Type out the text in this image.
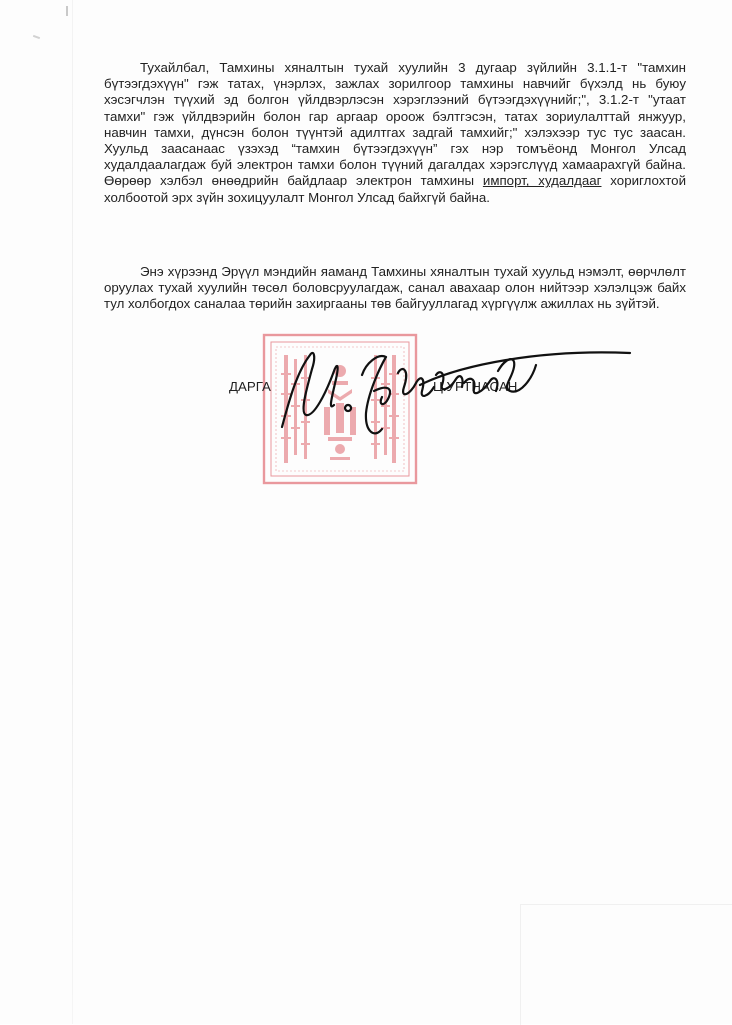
Тухайлбал, Тамхины хяналтын тухай хуулийн 3 дугаар зүйлийн 3.1.1-т "тамхин бүтээгдэхүүн" гэж татах, үнэрлэх, зажлах зорилгоор тамхины навчийг бүхэлд нь буюу хэсэгчлэн түүхий эд болгон үйлдвэрлэсэн хэрэглээний бүтээгдэхүүнийг;", 3.1.2-т "утаат тамхи" гэж үйлдвэрийн болон гар аргаар ороож бэлтгэсэн, татах зориулалттай янжуур, навчин тамхи, дүнсэн болон түүнтэй адилтгах задгай тамхийг;" хэлэхээр тус тус заасан. Хуульд заасанаас үзэхэд “тамхин бүтээгдэхүүн” гэх нэр томъёонд Монгол Улсад худалдаалагдаж буй электрон тамхи болон түүний дагалдах хэрэгслүүд хамаарахгүй байна. Өөрөөр хэлбэл өнөөдрийн байдлаар электрон тамхины импорт, худалдааг хориглохтой холбоотой эрх зүйн зохицуулалт Монгол Улсад байхгүй байна.

Энэ хүрээнд Эрүүл мэндийн яаманд Тамхины хяналтын тухай хуульд нэмэлт, өөрчлөлт оруулах тухай хуулийн төсөл боловсруулагдаж, санал авахаар олон нийтээр хэлэлцэж байх тул холбогдох саналаа төрийн захиргааны төв байгууллагад хүргүүлж ажиллах нь зүйтэй.

ДАРГА	Ц.УРТНАСАН
